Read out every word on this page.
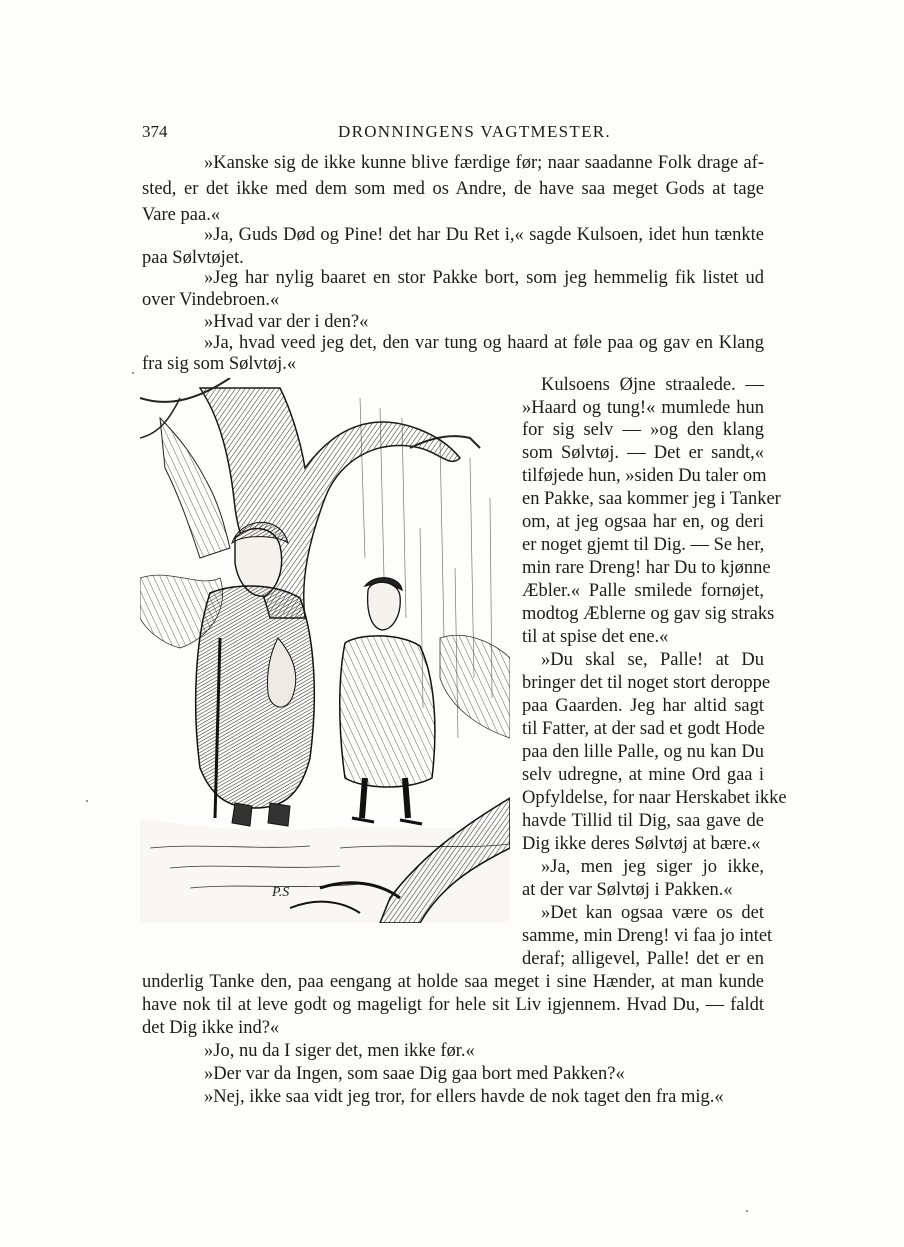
374	DRONNINGENS VAGTMESTER.
»Kanske sig de ikke kunne blive færdige før; naar saadanne Folk drage af-
sted, er det ikke med dem som med os Andre, de have saa meget Gods at tage
Vare paa.«
»Ja, Guds Død og Pine! det har Du Ret i,« sagde Kulsoen, idet hun tænkte
paa Sølvtøjet.
»Jeg har nylig baaret en stor Pakke bort, som jeg hemmelig fik listet ud
over Vindebroen.«
»Hvad var der i den?«
»Ja, hvad veed jeg det, den var tung og haard at føle paa og gav en Klang
fra sig som Sølvtøj.«
P.S
Kulsoens Øjne straalede. —
»Haard og tung!« mumlede hun
for sig selv — »og den klang
som Sølvtøj. — Det er sandt,«
tilføjede hun, »siden Du taler om
en Pakke, saa kommer jeg i Tanker
om, at jeg ogsaa har en, og deri
er noget gjemt til Dig. — Se her,
min rare Dreng! har Du to kjønne
Æbler.« Palle smilede fornøjet,
modtog Æblerne og gav sig straks
til at spise det ene.«
»Du skal se, Palle! at Du
bringer det til noget stort deroppe
paa Gaarden. Jeg har altid sagt
til Fatter, at der sad et godt Hode
paa den lille Palle, og nu kan Du
selv udregne, at mine Ord gaa i
Opfyldelse, for naar Herskabet ikke
havde Tillid til Dig, saa gave de
Dig ikke deres Sølvtøj at bære.«
»Ja, men jeg siger jo ikke,
at der var Sølvtøj i Pakken.«
»Det kan ogsaa være os det
samme, min Dreng! vi faa jo intet
deraf; alligevel, Palle! det er en
underlig Tanke den, paa eengang at holde saa meget i sine Hænder, at man kunde
have nok til at leve godt og mageligt for hele sit Liv igjennem. Hvad Du, — faldt
det Dig ikke ind?«
»Jo, nu da I siger det, men ikke før.«
»Der var da Ingen, som saae Dig gaa bort med Pakken?«
»Nej, ikke saa vidt jeg tror, for ellers havde de nok taget den fra mig.«
